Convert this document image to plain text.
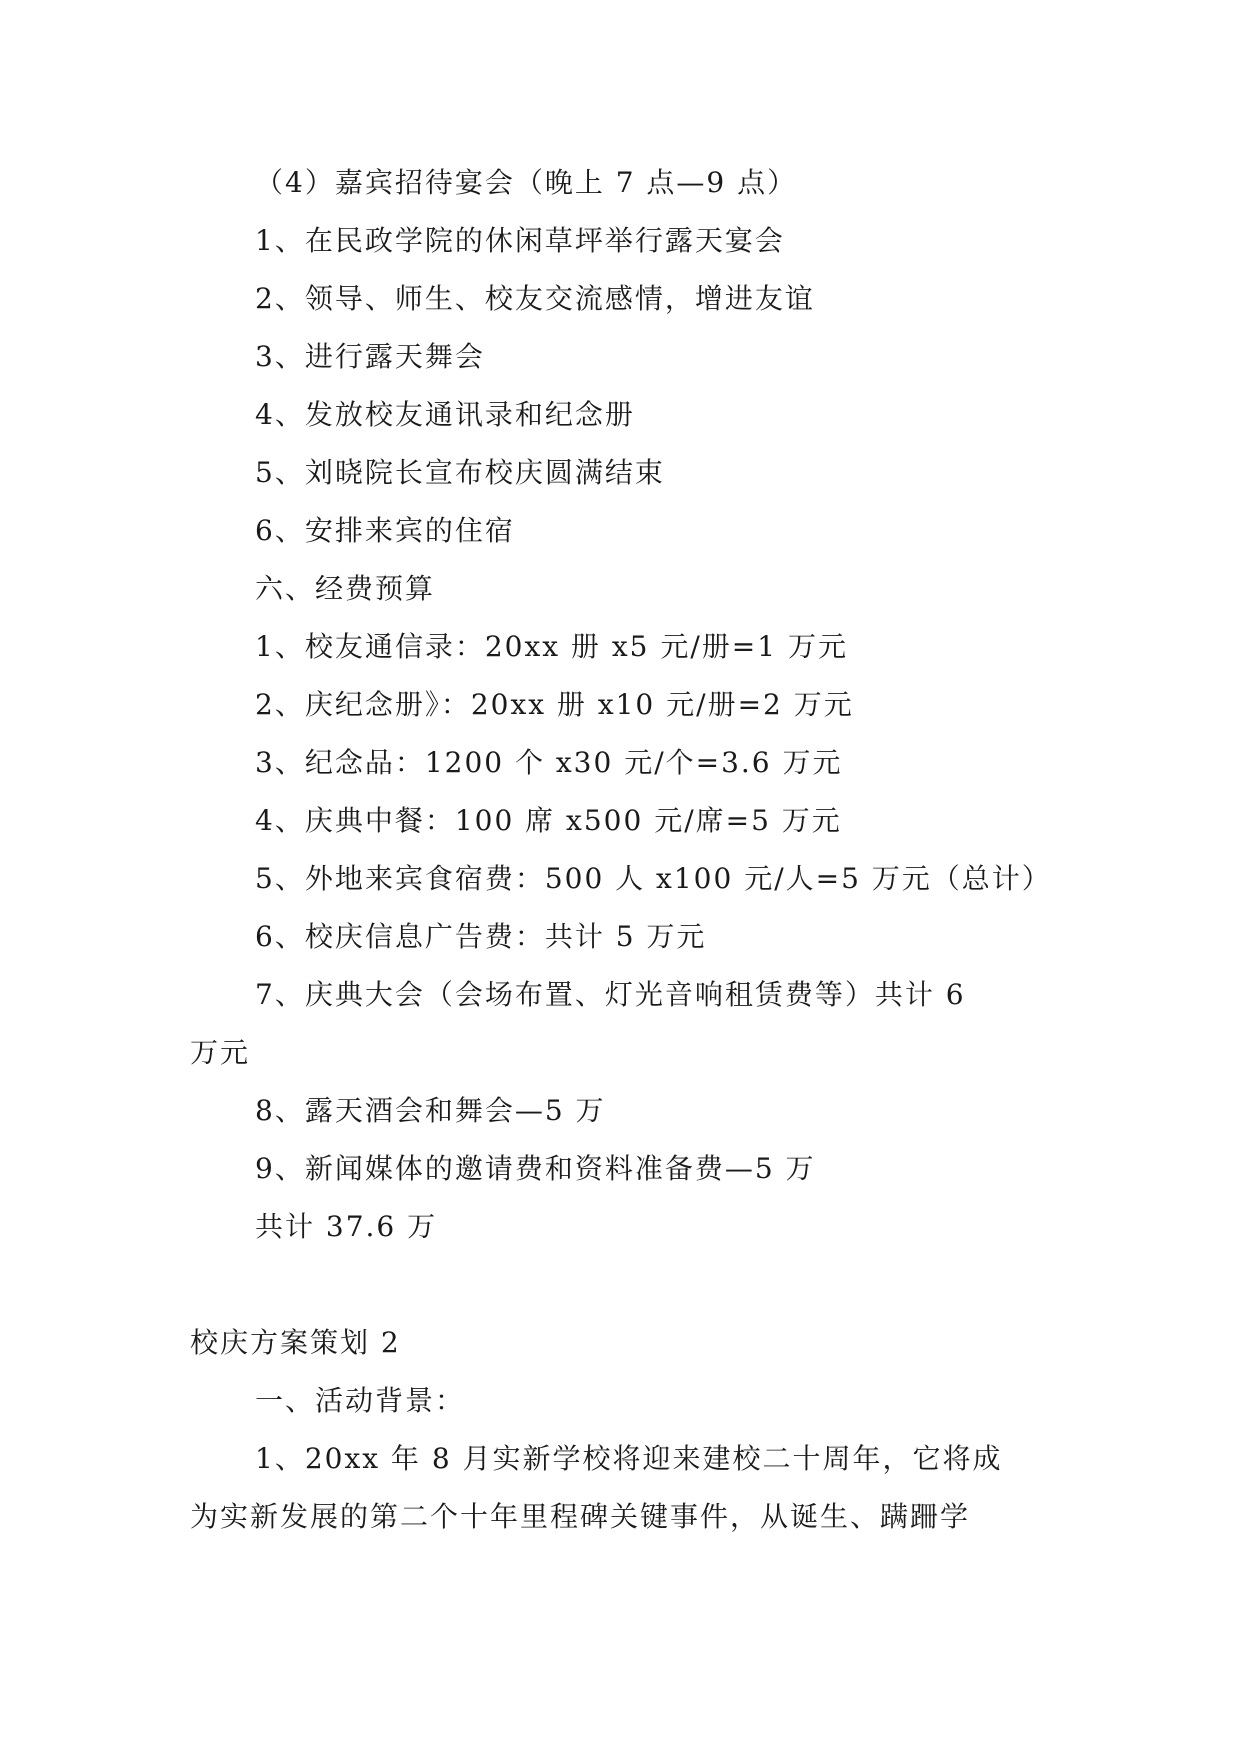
（4）嘉宾招待宴会（晚上 7 点—9 点）

1、在民政学院的休闲草坪举行露天宴会

2、领导、师生、校友交流感情，增进友谊

3、进行露天舞会

4、发放校友通讯录和纪念册

5、刘晓院长宣布校庆圆满结束

6、安排来宾的住宿

六、经费预算

1、校友通信录：20xx 册 x5 元/册=1 万元

2、庆纪念册》：20xx 册 x10 元/册=2 万元

3、纪念品：1200 个 x30 元/个=3.6 万元

4、庆典中餐：100 席 x500 元/席=5 万元

5、外地来宾食宿费：500 人 x100 元/人=5 万元（总计）

6、校庆信息广告费：共计 5 万元

7、庆典大会（会场布置、灯光音响租赁费等）共计 6

万元

8、露天酒会和舞会—5 万

9、新闻媒体的邀请费和资料准备费—5 万

共计 37.6 万

校庆方案策划 2

一、活动背景：

1、20xx 年 8 月实新学校将迎来建校二十周年，它将成

为实新发展的第二个十年里程碑关键事件，从诞生、蹒跚学
